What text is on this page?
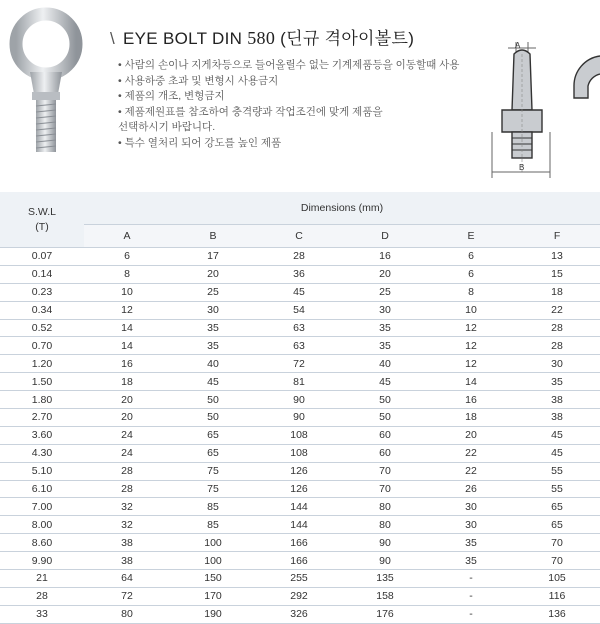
\ EYE BOLT DIN 580 (딘규 격아이볼트)
• 사람의 손이나 지게차등으로 들어올릴수 없는 기계제품등을 이동할때 사용
• 사용하중 초과 및 변형시 사용금지
• 제품의 개조, 변형금지
• 제품제원표를 참조하여 충격량과 작업조건에 맞게 제품을
선택하시기 바랍니다.
• 특수 열처리 되어 강도를 높인 제품
A
B
S.W.L
(T)	Dimensions (mm)					
	A	B	C	D	E	F
0.07	6	17	28	16	6	13
0.14	8	20	36	20	6	15
0.23	10	25	45	25	8	18
0.34	12	30	54	30	10	22
0.52	14	35	63	35	12	28
0.70	14	35	63	35	12	28
1.20	16	40	72	40	12	30
1.50	18	45	81	45	14	35
1.80	20	50	90	50	16	38
2.70	20	50	90	50	18	38
3.60	24	65	108	60	20	45
4.30	24	65	108	60	22	45
5.10	28	75	126	70	22	55
6.10	28	75	126	70	26	55
7.00	32	85	144	80	30	65
8.00	32	85	144	80	30	65
8.60	38	100	166	90	35	70
9.90	38	100	166	90	35	70
21	64	150	255	135	-	105
28	72	170	292	158	-	116
33	80	190	326	176	-	136
